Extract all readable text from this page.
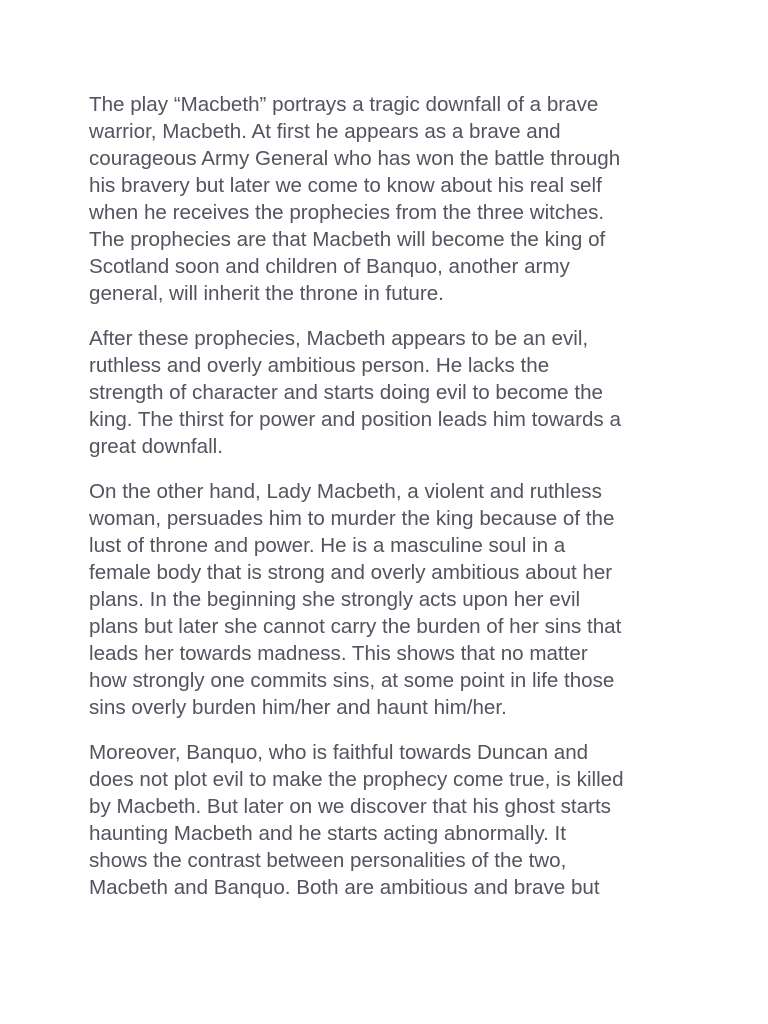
The play “Macbeth” portrays a tragic downfall of a brave
warrior, Macbeth. At first he appears as a brave and
courageous Army General who has won the battle through
his bravery but later we come to know about his real self
when he receives the prophecies from the three witches.
The prophecies are that Macbeth will become the king of
Scotland soon and children of Banquo, another army
general, will inherit the throne in future.

After these prophecies, Macbeth appears to be an evil,
ruthless and overly ambitious person. He lacks the
strength of character and starts doing evil to become the
king. The thirst for power and position leads him towards a
great downfall.

On the other hand, Lady Macbeth, a violent and ruthless
woman, persuades him to murder the king because of the
lust of throne and power. He is a masculine soul in a
female body that is strong and overly ambitious about her
plans. In the beginning she strongly acts upon her evil
plans but later she cannot carry the burden of her sins that
leads her towards madness. This shows that no matter
how strongly one commits sins, at some point in life those
sins overly burden him/her and haunt him/her.

Moreover, Banquo, who is faithful towards Duncan and
does not plot evil to make the prophecy come true, is killed
by Macbeth. But later on we discover that his ghost starts
haunting Macbeth and he starts acting abnormally. It
shows the contrast between personalities of the two,
Macbeth and Banquo. Both are ambitious and brave but
